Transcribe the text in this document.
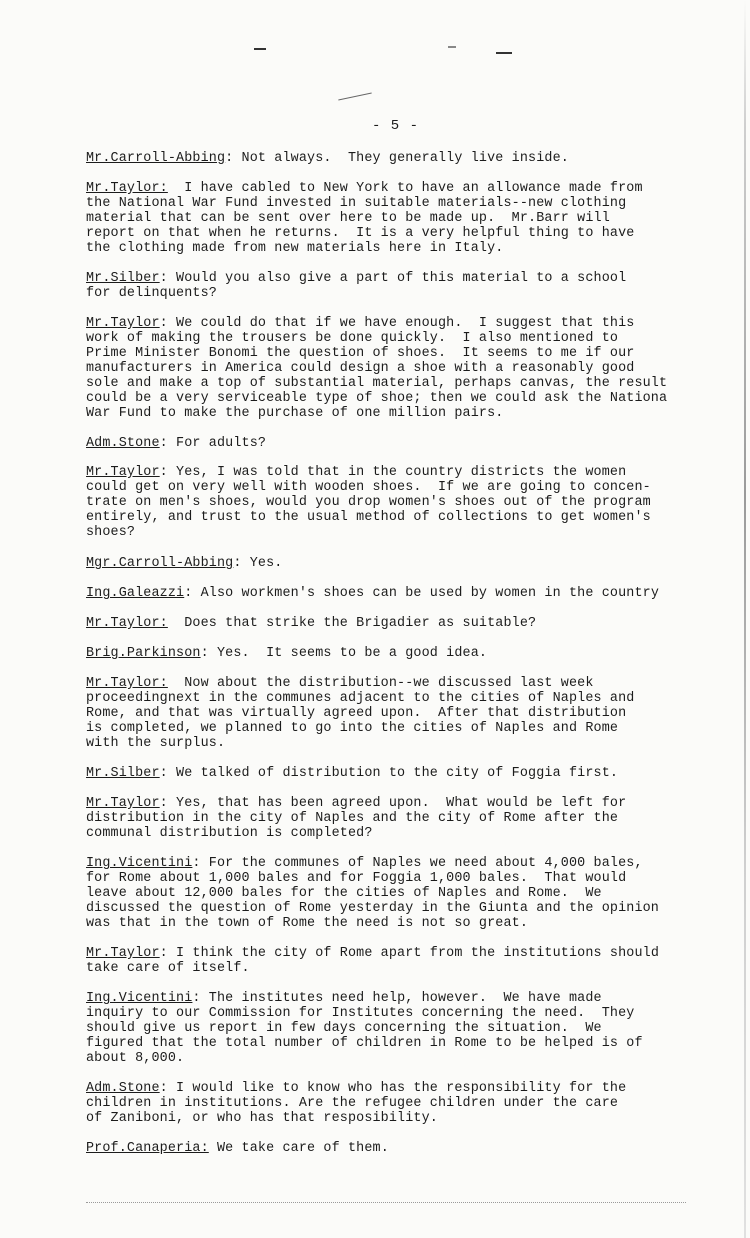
- 5 -
Mr.Carroll-Abbing: Not always.  They generally live inside.
Mr.Taylor:  I have cabled to New York to have an allowance made from
the National War Fund invested in suitable materials--new clothing
material that can be sent over here to be made up.  Mr.Barr will
report on that when he returns.  It is a very helpful thing to have
the clothing made from new materials here in Italy.
Mr.Silber: Would you also give a part of this material to a school
for delinquents?
Mr.Taylor: We could do that if we have enough.  I suggest that this
work of making the trousers be done quickly.  I also mentioned to
Prime Minister Bonomi the question of shoes.  It seems to me if our
manufacturers in America could design a shoe with a reasonably good
sole and make a top of substantial material, perhaps canvas, the result
could be a very serviceable type of shoe; then we could ask the Nationa
War Fund to make the purchase of one million pairs.
Adm.Stone: For adults?
Mr.Taylor: Yes, I was told that in the country districts the women
could get on very well with wooden shoes.  If we are going to concen-
trate on men's shoes, would you drop women's shoes out of the program
entirely, and trust to the usual method of collections to get women's
shoes?
Mgr.Carroll-Abbing: Yes.
Ing.Galeazzi: Also workmen's shoes can be used by women in the country
Mr.Taylor:  Does that strike the Brigadier as suitable?
Brig.Parkinson: Yes.  It seems to be a good idea.
Mr.Taylor:  Now about the distribution--we discussed last week
proceedingnext in the communes adjacent to the cities of Naples and
Rome, and that was virtually agreed upon.  After that distribution
is completed, we planned to go into the cities of Naples and Rome
with the surplus.
Mr.Silber: We talked of distribution to the city of Foggia first.
Mr.Taylor: Yes, that has been agreed upon.  What would be left for
distribution in the city of Naples and the city of Rome after the
communal distribution is completed?
Ing.Vicentini: For the communes of Naples we need about 4,000 bales,
for Rome about 1,000 bales and for Foggia 1,000 bales.  That would
leave about 12,000 bales for the cities of Naples and Rome.  We
discussed the question of Rome yesterday in the Giunta and the opinion
was that in the town of Rome the need is not so great.
Mr.Taylor: I think the city of Rome apart from the institutions should
take care of itself.
Ing.Vicentini: The institutes need help, however.  We have made
inquiry to our Commission for Institutes concerning the need.  They
should give us report in few days concerning the situation.  We
figured that the total number of children in Rome to be helped is of
about 8,000.
Adm.Stone: I would like to know who has the responsibility for the
children in institutions. Are the refugee children under the care
of Zaniboni, or who has that resposibility.
Prof.Canaperia: We take care of them.
